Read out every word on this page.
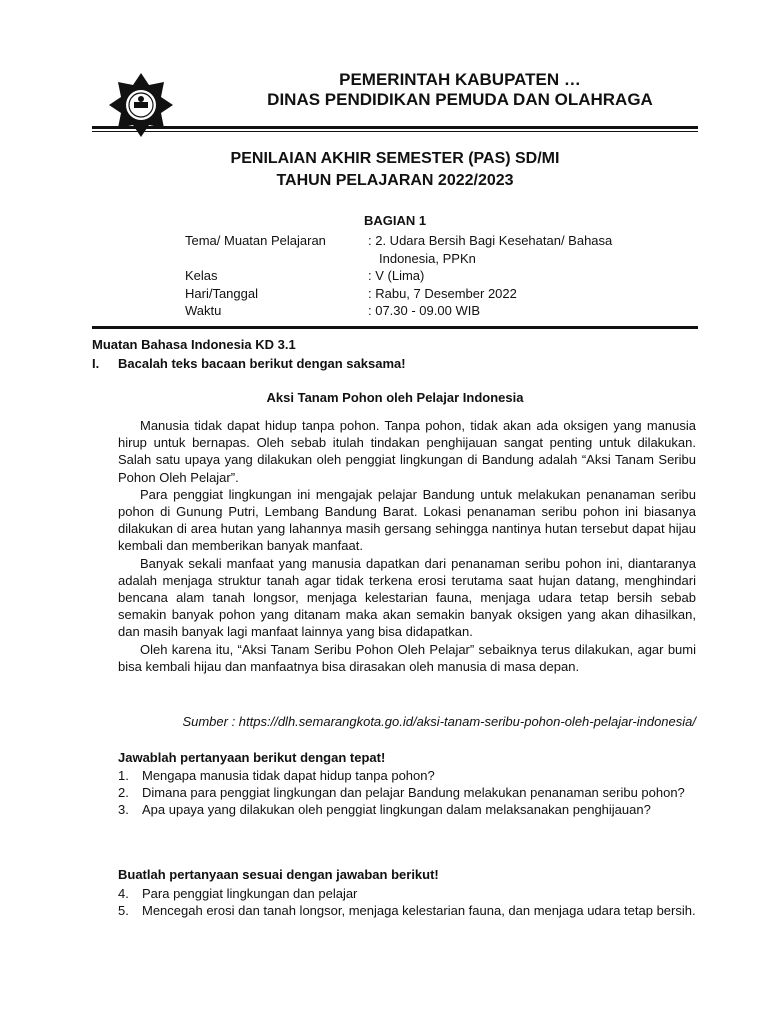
PEMERINTAH KABUPATEN …
DINAS PENDIDIKAN PEMUDA DAN OLAHRAGA
PENILAIAN AKHIR SEMESTER (PAS) SD/MI
TAHUN PELAJARAN 2022/2023
BAGIAN 1
Tema/ Muatan Pelajaran	: 2. Udara Bersih Bagi Kesehatan/ Bahasa
Indonesia, PPKn
Kelas	: V (Lima)
Hari/Tanggal	: Rabu, 7 Desember 2022
Waktu	: 07.30 - 09.00 WIB
Muatan Bahasa Indonesia KD 3.1
I. Bacalah teks bacaan berikut dengan saksama!
Aksi Tanam Pohon oleh Pelajar Indonesia

Manusia tidak dapat hidup tanpa pohon. Tanpa pohon, tidak akan ada oksigen yang manusia hirup untuk bernapas. Oleh sebab itulah tindakan penghijauan sangat penting untuk dilakukan. Salah satu upaya yang dilakukan oleh penggiat lingkungan di Bandung adalah “Aksi Tanam Seribu Pohon Oleh Pelajar”.

Para penggiat lingkungan ini mengajak pelajar Bandung untuk melakukan penanaman seribu pohon di Gunung Putri, Lembang Bandung Barat. Lokasi penanaman seribu pohon ini biasanya dilakukan di area hutan yang lahannya masih gersang sehingga nantinya hutan tersebut dapat hijau kembali dan memberikan banyak manfaat.

Banyak sekali manfaat yang manusia dapatkan dari penanaman seribu pohon ini, diantaranya adalah menjaga struktur tanah agar tidak terkena erosi terutama saat hujan datang, menghindari bencana alam tanah longsor, menjaga kelestarian fauna, menjaga udara tetap bersih sebab semakin banyak pohon yang ditanam maka akan semakin banyak oksigen yang akan dihasilkan, dan masih banyak lagi manfaat lainnya yang bisa didapatkan.

Oleh karena itu, “Aksi Tanam Seribu Pohon Oleh Pelajar” sebaiknya terus dilakukan, agar bumi bisa kembali hijau dan manfaatnya bisa dirasakan oleh manusia di masa depan.

Sumber : https://dlh.semarangkota.go.id/aksi-tanam-seribu-pohon-oleh-pelajar-indonesia/
Jawablah pertanyaan berikut dengan tepat!
1. Mengapa manusia tidak dapat hidup tanpa pohon?
2. Dimana para penggiat lingkungan dan pelajar Bandung melakukan penanaman seribu pohon?
3. Apa upaya yang dilakukan oleh penggiat lingkungan dalam melaksanakan penghijauan?
Buatlah pertanyaan sesuai dengan jawaban berikut!
4. Para penggiat lingkungan dan pelajar
5. Mencegah erosi dan tanah longsor, menjaga kelestarian fauna, dan menjaga udara tetap bersih.
